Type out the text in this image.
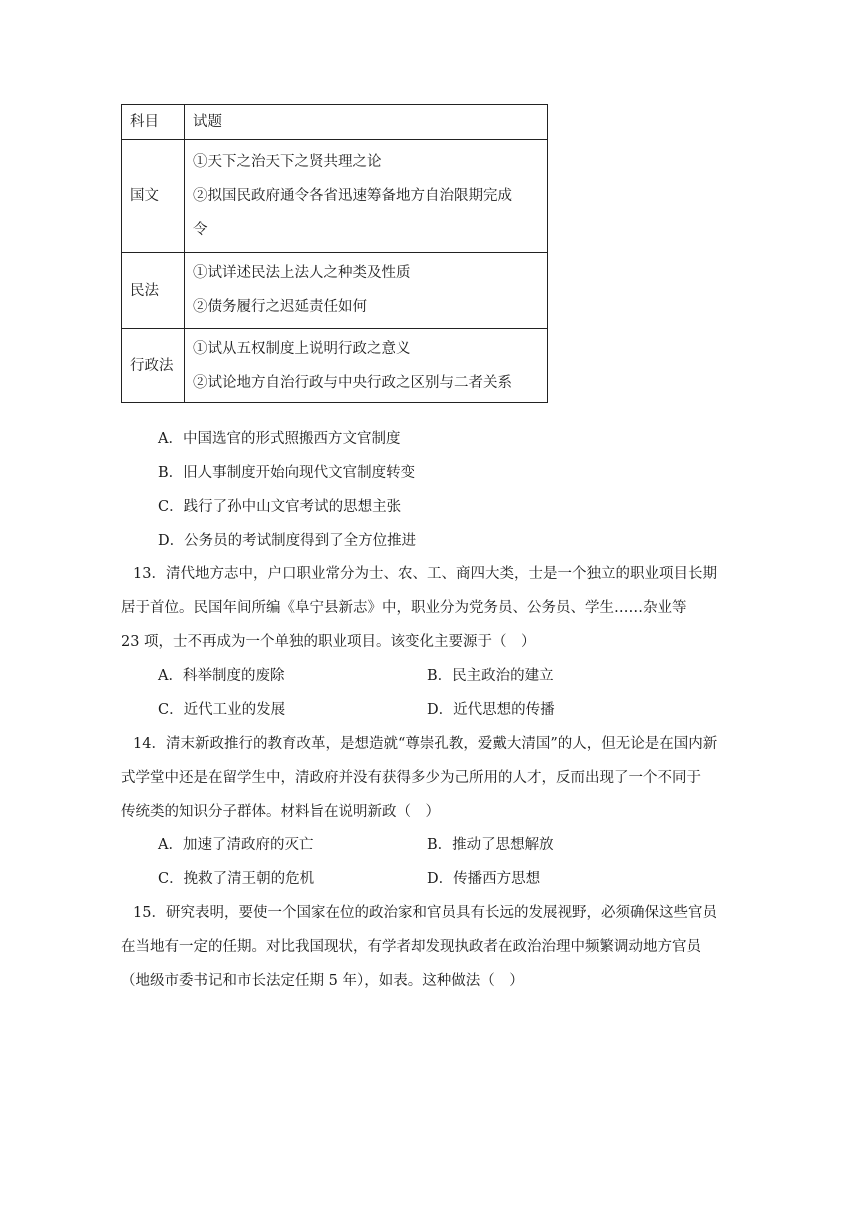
科目	试题
国文	①天下之治天下之贤共理之论
②拟国民政府通令各省迅速筹备地方自治限期完成
令

民法	①试详述民法上法人之种类及性质
②债务履行之迟延责任如何

行政法	①试从五权制度上说明行政之意义
②试论地方自治行政与中央行政之区别与二者关系
A．中国选官的形式照搬西方文官制度
B．旧人事制度开始向现代文官制度转变
C．践行了孙中山文官考试的思想主张
D．公务员的考试制度得到了全方位推进
13．清代地方志中，户口职业常分为士、农、工、商四大类，士是一个独立的职业项目长期
居于首位。民国年间所编《阜宁县新志》中，职业分为党务员、公务员、学生……杂业等
23 项，士不再成为一个单独的职业项目。该变化主要源于（　）
A．科举制度的废除	B．民主政治的建立
C．近代工业的发展	D．近代思想的传播
14．清末新政推行的教育改革，是想造就“尊崇孔教，爱戴大清国”的人，但无论是在国内新
式学堂中还是在留学生中，清政府并没有获得多少为己所用的人才，反而出现了一个不同于
传统类的知识分子群体。材料旨在说明新政（　）
A．加速了清政府的灭亡	B．推动了思想解放
C．挽救了清王朝的危机	D．传播西方思想
15．研究表明，要使一个国家在位的政治家和官员具有长远的发展视野，必须确保这些官员
在当地有一定的任期。对比我国现状，有学者却发现执政者在政治治理中频繁调动地方官员
（地级市委书记和市长法定任期 5 年），如表。这种做法（　）
